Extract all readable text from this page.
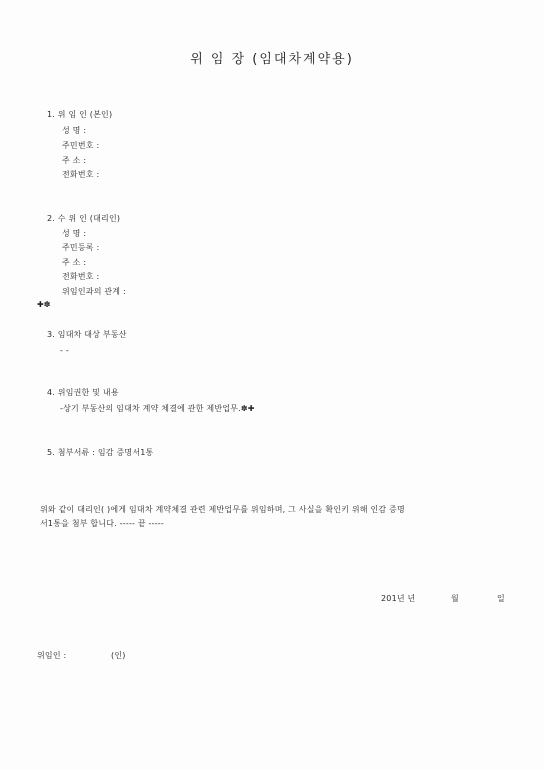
위 임 장 (임대차계약용)
1. 위 임 인 (본인)
성 명 :
주민번호 :
주 소 :
전화번호 :
2. 수 위 인 (대리인)
성 명 :
주민등록 :
주 소 :
전화번호 :
위임인과의 관계 :
✚✽
3. 임대차 대상 부동산
- -
4. 위임권한 및 내용
-상기 부동산의 임대차 계약 체결에 관한 제반업무.✽✚
5. 첨부서류 : 임감 증명서1통
위와 같이 대리인( )에게 임대차 계약체결 관련 제반업무를 위임하며, 그 사실을 확인키 위해 인감 증명
서1통을 첨부 합니다. ----- 끝 -----
201년 년	월	일
위임인 :	(인)
